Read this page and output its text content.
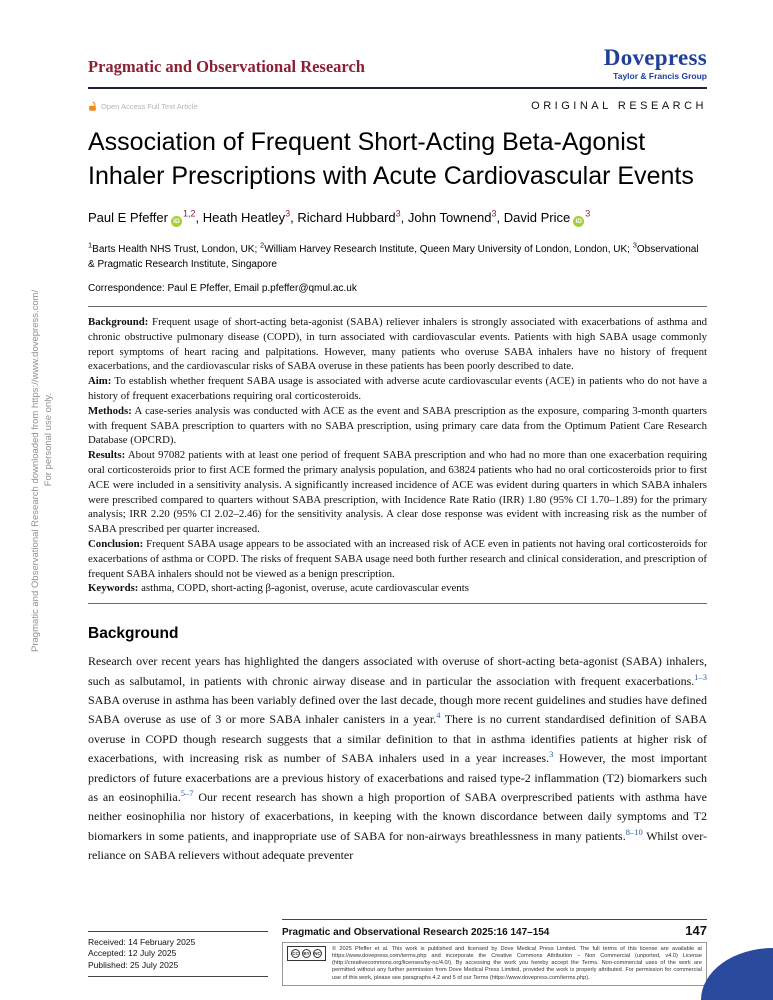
Pragmatic and Observational Research downloaded from https://www.dovepress.com/ For personal use only.
Pragmatic and Observational Research	Dovepress
Taylor & Francis Group
Open Access Full Text Article	ORIGINAL RESEARCH
Association of Frequent Short-Acting Beta-Agonist Inhaler Prescriptions with Acute Cardiovascular Events
Paul E Pfeffer iD$^{1,2}$, Heath Heatley$^3$, Richard Hubbard$^3$, John Townend$^3$, David Price $iD^3$

$^1$Barts Health NHS Trust, London, UK; $^2$William Harvey Research Institute, Queen Mary University of London, London, UK; $^3$Observational & Pragmatic Research Institute, Singapore

Correspondence: Paul E Pfeffer, Email p.pfeffer@qmul.ac.uk

Background: Frequent usage of short-acting beta-agonist (SABA) reliever inhalers is strongly associated with exacerbations of asthma and chronic obstructive pulmonary disease (COPD), in turn associated with cardiovascular events. Patients with high SABA usage commonly report symptoms of heart racing and palpitations. However, many patients who overuse SABA inhalers have no history of frequent exacerbations, and the cardiovascular risks of SABA overuse in these patients has been poorly described to date.

Aim: To establish whether frequent SABA usage is associated with adverse acute cardiovascular events (ACE) in patients who do not have a history of frequent exacerbations requiring oral corticosteroids.

Methods: A case-series analysis was conducted with ACE as the event and SABA prescription as the exposure, comparing 3-month quarters with frequent SABA prescription to quarters with no SABA prescription, using primary care data from the Optimum Patient Care Research Database (OPCRD).

Results: About 97082 patients with at least one period of frequent SABA prescription and who had no more than one exacerbation requiring oral corticosteroids prior to first ACE formed the primary analysis population, and 63824 patients who had no oral corticosteroids prior to first ACE were included in a sensitivity analysis. A significantly increased incidence of ACE was evident during quarters in which SABA inhalers were prescribed compared to quarters without SABA prescription, with Incidence Rate Ratio (IRR) 1.80 (95% CI 1.70–1.89) for the primary analysis; IRR 2.20 (95% CI 2.02–2.46) for the sensitivity analysis. A clear dose response was evident with increasing risk as the number of SABA prescribed per quarter increased.

Conclusion: Frequent SABA usage appears to be associated with an increased risk of ACE even in patients not having oral corticosteroids for exacerbations of asthma or COPD. The risks of frequent SABA usage need both further research and clinical consideration, and prescription of frequent SABA inhalers should not be viewed as a benign prescription.

Keywords: asthma, COPD, short-acting β-agonist, overuse, acute cardiovascular events

Background

Research over recent years has highlighted the dangers associated with overuse of short-acting beta-agonist (SABA) inhalers, such as salbutamol, in patients with chronic airway disease and in particular the association with frequent exacerbations.$^{1-3}$ SABA overuse in asthma has been variably defined over the last decade, though more recent guidelines and studies have defined SABA overuse as use of 3 or more SABA inhaler canisters in a year.$^4$ There is no current standardised definition of SABA overuse in COPD though research suggests that a similar definition to that in asthma identifies patients at higher risk of exacerbations, with increasing risk as number of SABA inhalers used in a year increases.$^3$ However, the most important predictors of future exacerbations are a previous history of exacerbations and raised type-2 inflammation (T2) biomarkers such as an eosinophilia.$^{5-7}$ Our recent research has shown a high proportion of SABA overprescribed patients with asthma have neither eosinophilia nor history of exacerbations, in keeping with the known discordance between daily symptoms and T2 biomarkers in some patients, and inappropriate use of SABA for non-airways breathlessness in many patients.$^{8-10}$ Whilst over-reliance on SABA relievers without adequate preventer

Received: 14 February 2025
Accepted: 12 July 2025
Published: 25 July 2025
Pragmatic and Observational Research 2025:16 147–154	147
CC	BY	NC
© 2025 Pfeffer et al. This work is published and licensed by Dove Medical Press Limited. The full terms of this license are available at https://www.dovepress.com/terms.php and incorporate the Creative Commons Attribution – Non Commercial (unported, v4.0) License (http://creativecommons.org/licenses/by-nc/4.0/). By accessing the work you hereby accept the Terms. Non-commercial uses of the work are permitted without any further permission from Dove Medical Press Limited, provided the work is properly attributed. For permission for commercial use of this work, please see paragraphs 4.2 and 5 of our Terms (https://www.dovepress.com/terms.php).
